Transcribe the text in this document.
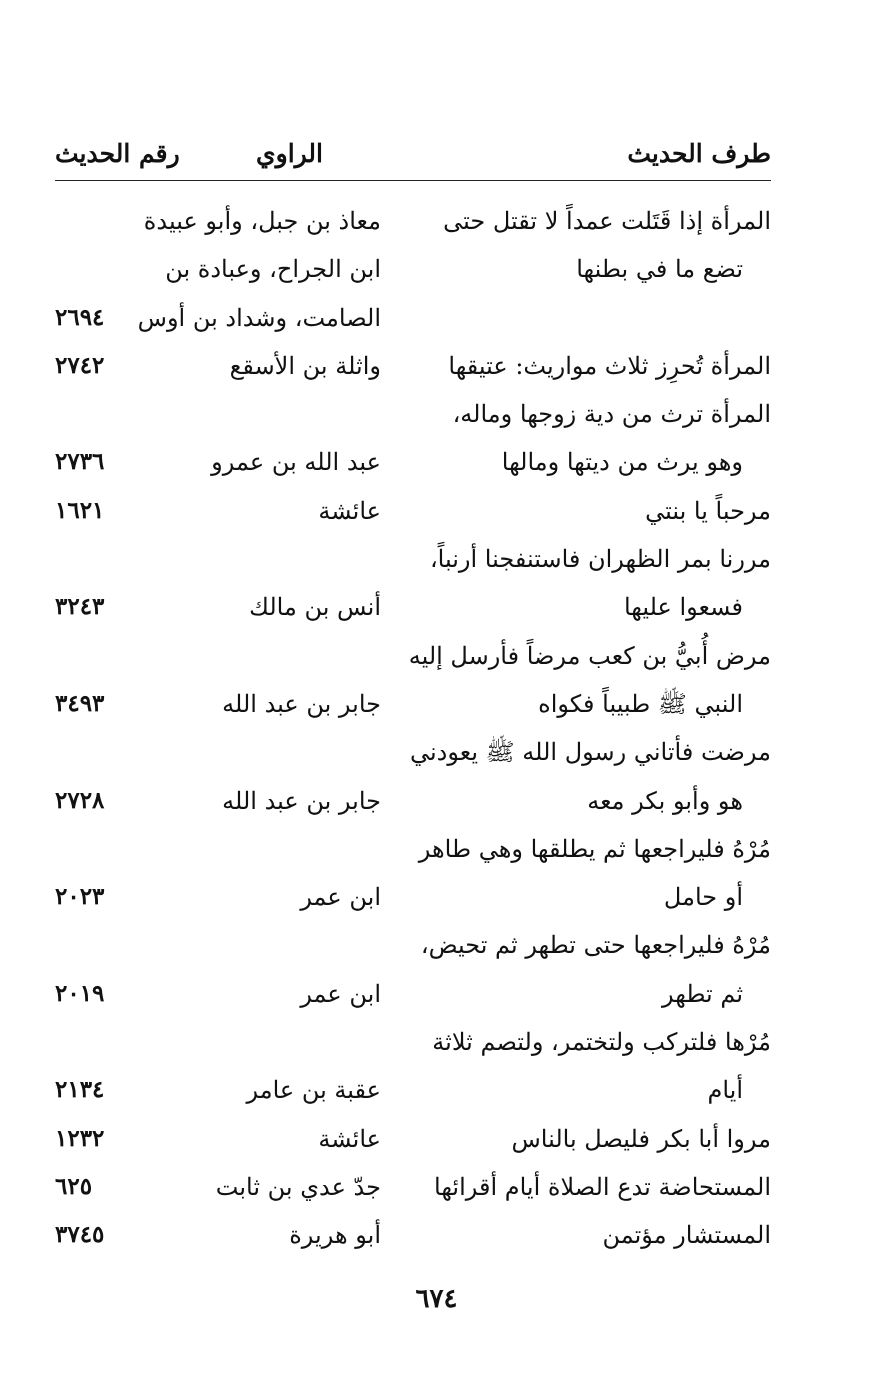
طرف الحديث
الراوي
رقم الحديث
المرأة إذا قَتَلت عمداً لا تقتل حتى
معاذ بن جبل، وأبو عبيدة
تضع ما في بطنها
ابن الجراح، وعبادة بن
الصامت، وشداد بن أوس
٢٦٩٤
المرأة تُحرِز ثلاث مواريث: عتيقها
واثلة بن الأسقع
٢٧٤٢
المرأة ترث من دية زوجها وماله،
وهو يرث من ديتها ومالها
عبد الله بن عمرو
٢٧٣٦
مرحباً يا بنتي
عائشة
١٦٢١
مررنا بمر الظهران فاستنفجنا أرنباً،
فسعوا عليها
أنس بن مالك
٣٢٤٣
مرض أُبيُّ بن كعب مرضاً فأرسل إليه
النبي ﷺ طبيباً فكواه
جابر بن عبد الله
٣٤٩٣
مرضت فأتاني رسول الله ﷺ يعودني
هو وأبو بكر معه
جابر بن عبد الله
٢٧٢٨
مُرْهُ فليراجعها ثم يطلقها وهي طاهر
أو حامل
ابن عمر
٢٠٢٣
مُرْهُ فليراجعها حتى تطهر ثم تحيض،
ثم تطهر
ابن عمر
٢٠١٩
مُرْها فلتركب ولتختمر، ولتصم ثلاثة
أيام
عقبة بن عامر
٢١٣٤
مروا أبا بكر فليصل بالناس
عائشة
١٢٣٢
المستحاضة تدع الصلاة أيام أقرائها
جدّ عدي بن ثابت
٦٢٥
المستشار مؤتمن
أبو هريرة
٣٧٤٥
٦٧٤
